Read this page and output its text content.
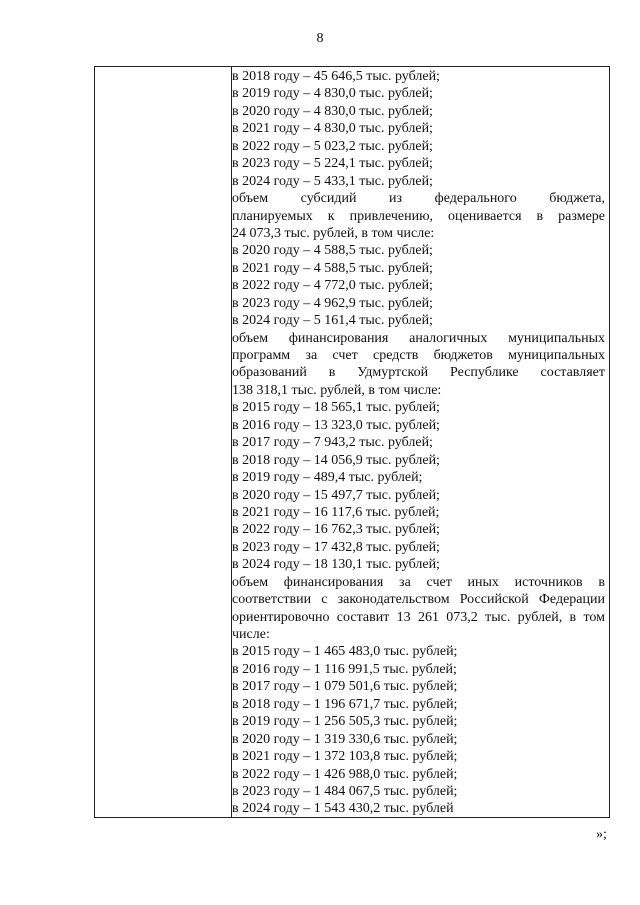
8
в 2018 году – 45 646,5 тыс. рублей;
в 2019 году – 4 830,0 тыс. рублей;
в 2020 году – 4 830,0 тыс. рублей;
в 2021 году – 4 830,0 тыс. рублей;
в 2022 году – 5 023,2 тыс. рублей;
в 2023 году – 5 224,1 тыс. рублей;
в 2024 году – 5 433,1 тыс. рублей;
объем субсидий из федерального бюджета,
планируемых к привлечению, оценивается в размере
24 073,3 тыс. рублей, в том числе:
в 2020 году – 4 588,5 тыс. рублей;
в 2021 году – 4 588,5 тыс. рублей;
в 2022 году – 4 772,0 тыс. рублей;
в 2023 году – 4 962,9 тыс. рублей;
в 2024 году – 5 161,4 тыс. рублей;
объем финансирования аналогичных муниципальных
программ за счет средств бюджетов муниципальных
образований в Удмуртской Республике составляет
138 318,1 тыс. рублей, в том числе:
в 2015 году – 18 565,1 тыс. рублей;
в 2016 году – 13 323,0 тыс. рублей;
в 2017 году – 7 943,2 тыс. рублей;
в 2018 году – 14 056,9 тыс. рублей;
в 2019 году – 489,4 тыс. рублей;
в 2020 году – 15 497,7 тыс. рублей;
в 2021 году – 16 117,6 тыс. рублей;
в 2022 году – 16 762,3 тыс. рублей;
в 2023 году – 17 432,8 тыс. рублей;
в 2024 году – 18 130,1 тыс. рублей;
объем финансирования за счет иных источников в
соответствии с законодательством Российской Федерации
ориентировочно составит 13 261 073,2 тыс. рублей, в том
числе:
в 2015 году – 1 465 483,0 тыс. рублей;
в 2016 году – 1 116 991,5 тыс. рублей;
в 2017 году – 1 079 501,6 тыс. рублей;
в 2018 году – 1 196 671,7 тыс. рублей;
в 2019 году – 1 256 505,3 тыс. рублей;
в 2020 году – 1 319 330,6 тыс. рублей;
в 2021 году – 1 372 103,8 тыс. рублей;
в 2022 году – 1 426 988,0 тыс. рублей;
в 2023 году – 1 484 067,5 тыс. рублей;
в 2024 году – 1 543 430,2 тыс. рублей
»;
